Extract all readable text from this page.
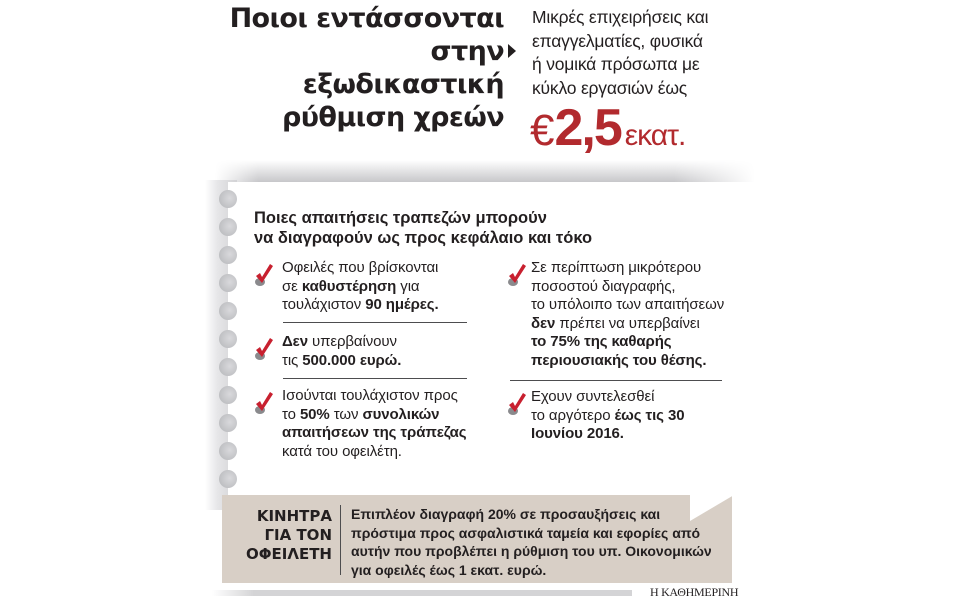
Ποιοι εντάσσονται
στην εξωδικαστική
ρύθμιση χρεών
Μικρές επιχειρήσεις και
επαγγελματίες, φυσικά
ή νομικά πρόσωπα με
κύκλο εργασιών έως
€2,5 εκατ.
Ποιες απαιτήσεις τραπεζών μπορούν
να διαγραφούν ως προς κεφάλαιο και τόκο
Οφειλές που βρίσκονται
σε καθυστέρηση για
τουλάχιστον 90 ημέρες.
Δεν υπερβαίνουν
τις 500.000 ευρώ.
Ισούνται τουλάχιστον προς
το 50% των συνολικών
απαιτήσεων της τράπεζας
κατά του οφειλέτη.
Σε περίπτωση μικρότερου
ποσοστού διαγραφής,
το υπόλοιπο των απαιτήσεων
δεν πρέπει να υπερβαίνει
το 75% της καθαρής
περιουσιακής του θέσης.
Εχουν συντελεσθεί
το αργότερο έως τις 30
Ιουνίου 2016.
ΚΙΝΗΤΡΑ
ΓΙΑ ΤΟΝ
ΟΦΕΙΛΕΤΗ
Επιπλέον διαγραφή 20% σε προσαυξήσεις και
πρόστιμα προς ασφαλιστικά ταμεία και εφορίες από
αυτήν που προβλέπει η ρύθμιση του υπ. Οικονομικών
για οφειλές έως 1 εκατ. ευρώ.
Η ΚΑΘΗΜΕΡΙΝΗ
